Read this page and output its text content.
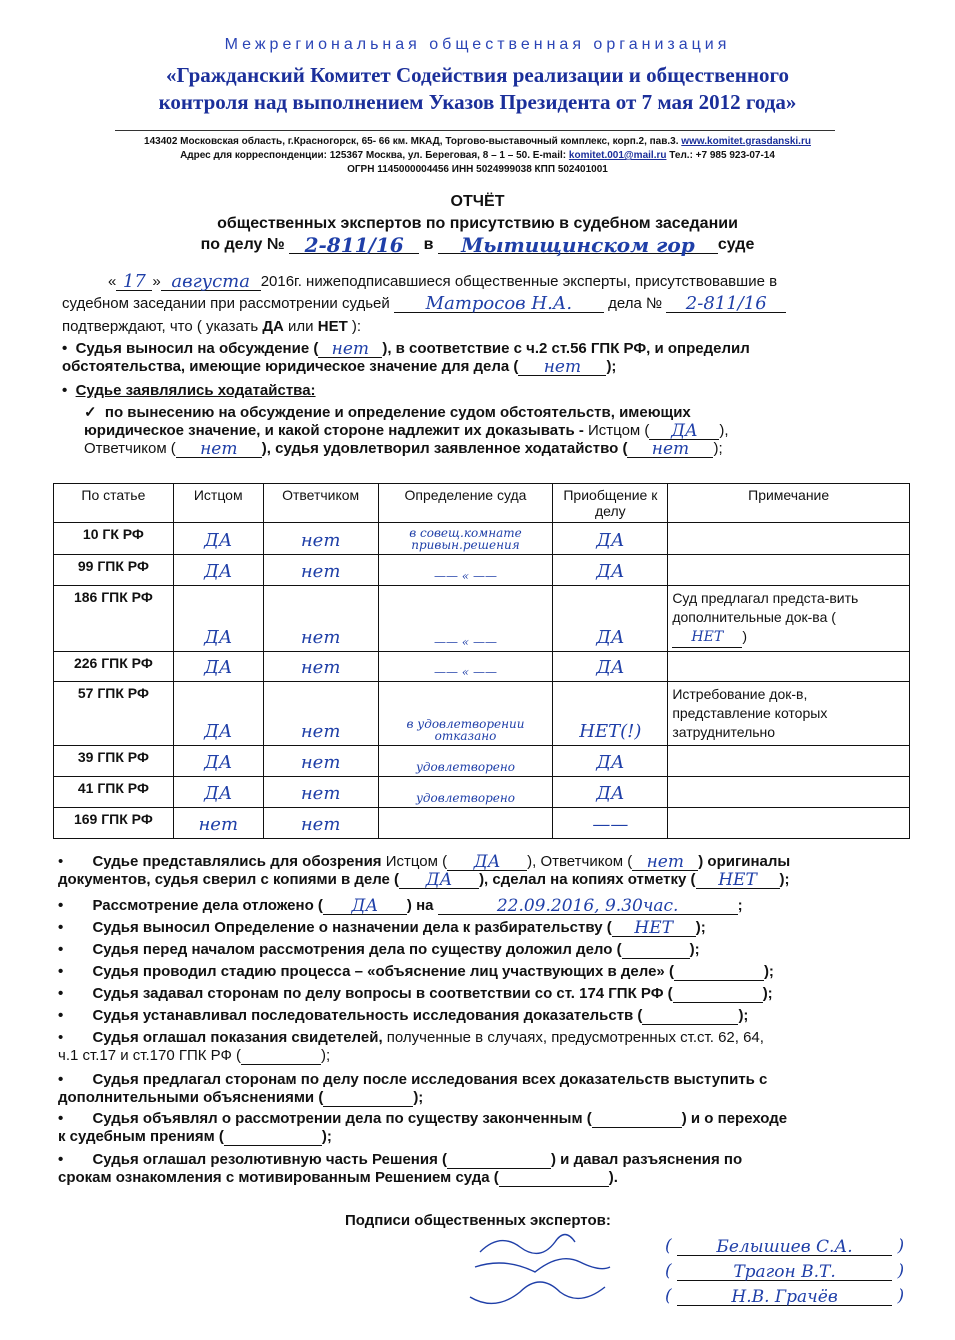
Межрегиональная общественная организация
«Гражданский Комитет Содействия реализации и общественного
контроля над выполнением Указов Президента от 7 мая 2012 года»
143402 Московская область, г.Красногорск, 65- 66 км. МКАД, Торгово-выставочный комплекс, корп.2, пав.3. www.komitet.grasdanski.ru
Адрес для корреспонденции: 125367 Москва, ул. Береговая, 8 – 1 – 50. E-mail: komitet.001@mail.ru Тел.: +7 985 923-07-14
ОГРН 1145000004456 ИНН 5024999038 КПП 502401001
ОТЧЁТ
общественных экспертов по присутствию в судебном заседании
по делу № 2-811/16 в Мытищинском гор суде
« 17 » августа 2016г. нижеподписавшиеся общественные эксперты, присутствовавшие в
судебном заседании при рассмотрении судьей Матросов Н.А. дела № 2-811/16
подтверждают, что ( указать ДА или НЕТ ):
•  Судья выносил на обсуждение ( нет ), в соответствие с ч.2 ст.56 ГПК РФ, и определил
обстоятельства, имеющие юридическое значение для дела ( нет );
•  Судье заявлялись ходатайства:
✓ по вынесению на обсуждение и определение судом обстоятельств, имеющих
юридическое значение, и какой стороне надлежит их доказывать - Истцом ( ДА ),
Ответчиком ( нет ), судья удовлетворил заявленное ходатайство ( нет );
По статье	Истцом	Ответчиком	Определение суда	Приобщение к делу	Примечание
10 ГК РФ	ДА	нет	в совещ.комнате привын.решения	ДА	
99 ГПК РФ	ДА	нет	—— « ——	ДА	
186 ГПК РФ	ДА	нет	—— « ——	ДА	Суд предлагал предста-вить дополнительные док-ва (НЕТ )
226 ГПК РФ	ДА	нет	—— « ——	ДА	
57 ГПК РФ	ДА	нет	в удовлетворении отказано	НЕТ(!)	Истребование док-в, представление которых затруднительно
39 ГПК РФ	ДА	нет	удовлетворено	ДА	
41 ГПК РФ	ДА	нет	удовлетворено	ДА	
169 ГПК РФ	нет	нет		——	
•       Судье представлялись для обозрения Истцом ( ДА ), Ответчиком ( нет ) оригиналы
документов, судья сверил с копиями в деле ( ДА ), сделал на копиях отметку ( НЕТ );
•       Рассмотрение дела отложено ( ДА ) на	22.09.2016, 9.30час.	;
•       Судья выносил Определение о назначении дела к разбирательству ( НЕТ );
•       Судья перед началом рассмотрения дела по существу доложил дело (	);
•       Судья проводил стадию процесса – «объяснение лиц участвующих в деле» (	);
•       Судья задавал сторонам по делу вопросы в соответствии со ст. 174 ГПК РФ (	);
•       Судья устанавливал последовательность исследования доказательств (	);
•       Судья оглашал показания свидетелей, полученные в случаях, предусмотренных ст.ст. 62, 64,
ч.1 ст.17 и ст.170 ГПК РФ (	);
•       Судья предлагал сторонам по делу после исследования всех доказательств выступить с
дополнительными объяснениями (	);
•       Судья объявлял о рассмотрении дела по существу законченным (	) и о переходе
к судебным прениям (	);
•       Судья оглашал резолютивную часть Решения (	) и давал разъяснения по
срокам ознакомления с мотивированным Решением суда (	).
Подписи общественных экспертов:
( Белышиев С.А. )
(	Трагон В.Т.	)
(	Н.В. Грачёв	)
